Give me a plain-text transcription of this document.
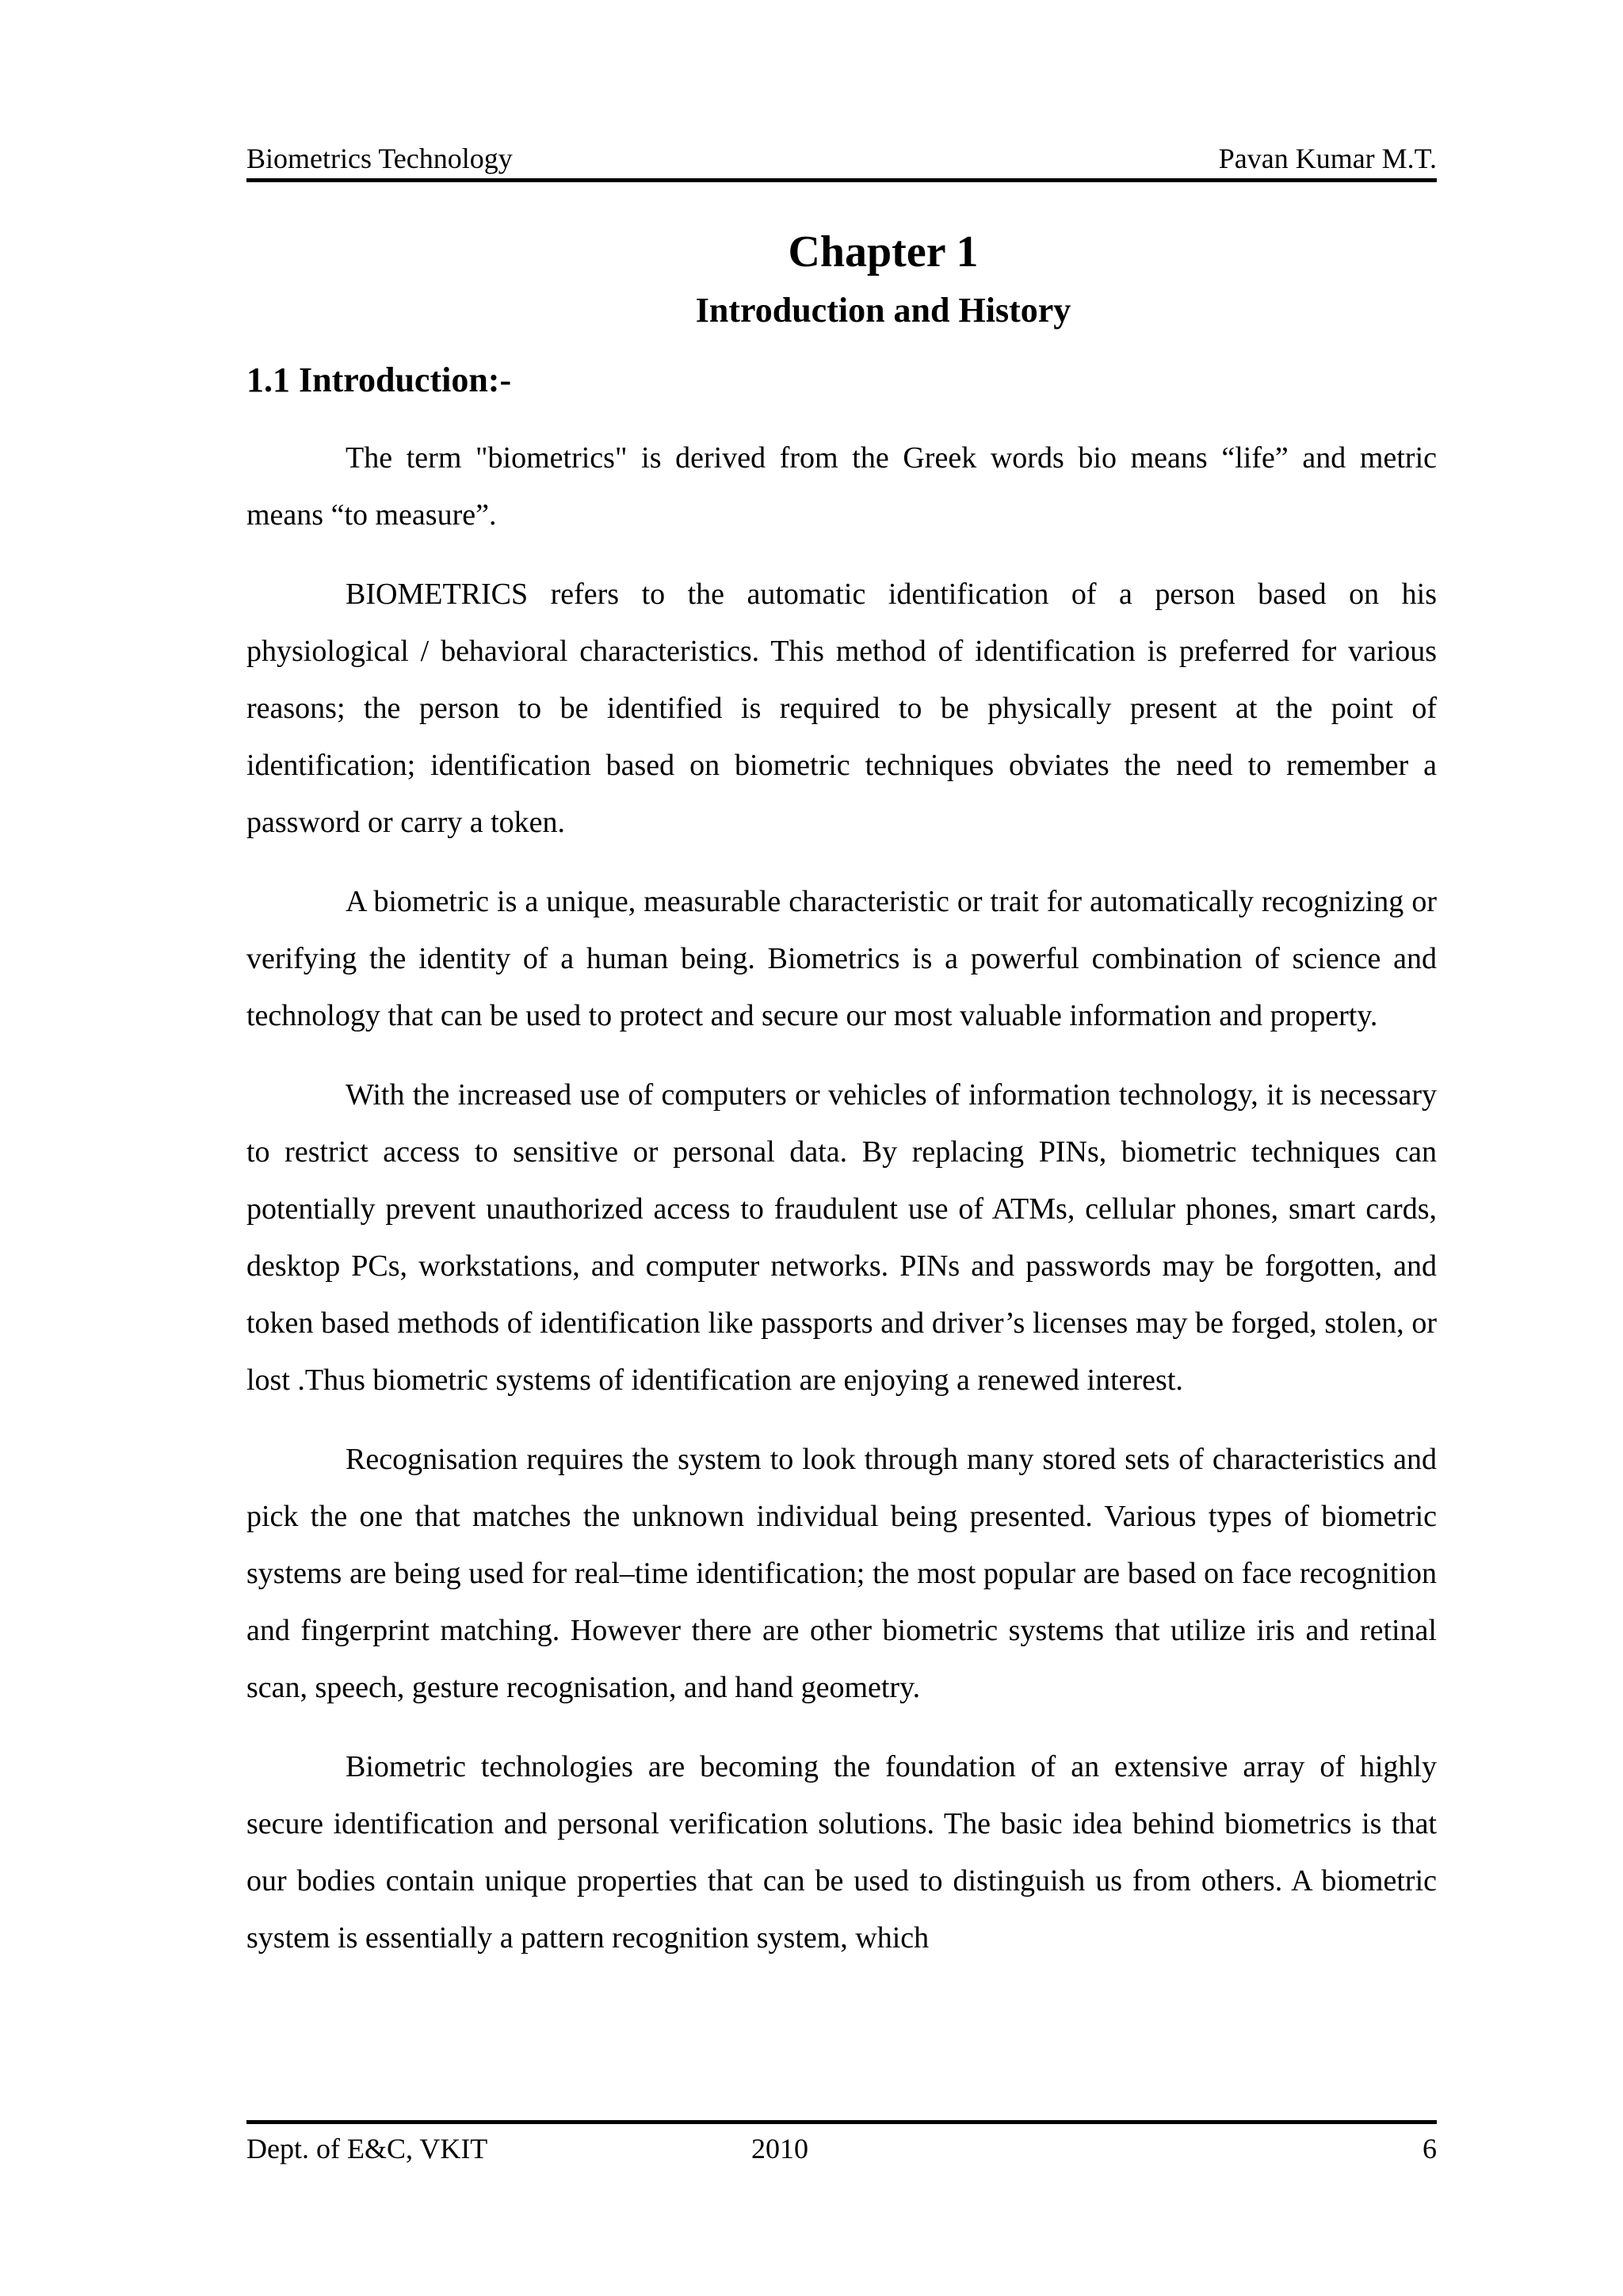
Biometrics Technology	Pavan Kumar M.T.
Chapter 1
Introduction and History
1.1 Introduction:-

The term "biometrics" is derived from the Greek words bio means “life” and metric means “to measure”.

BIOMETRICS refers to the automatic identification of a person based on his physiological / behavioral characteristics. This method of identification is preferred for various reasons; the person to be identified is required to be physically present at the point of identification; identification based on biometric techniques obviates the need to remember a password or carry a token.

A biometric is a unique, measurable characteristic or trait for automatically recognizing or verifying the identity of a human being. Biometrics is a powerful combination of science and technology that can be used to protect and secure our most valuable information and property.

With the increased use of computers or vehicles of information technology, it is necessary to restrict access to sensitive or personal data. By replacing PINs, biometric techniques can potentially prevent unauthorized access to fraudulent use of ATMs, cellular phones, smart cards, desktop PCs, workstations, and computer networks. PINs and passwords may be forgotten, and token based methods of identification like passports and driver’s licenses may be forged, stolen, or lost .Thus biometric systems of identification are enjoying a renewed interest.

Recognisation requires the system to look through many stored sets of characteristics and pick the one that matches the unknown individual being presented. Various types of biometric systems are being used for real–time identification; the most popular are based on face recognition and fingerprint matching. However there are other biometric systems that utilize iris and retinal scan, speech, gesture recognisation, and hand geometry.

Biometric technologies are becoming the foundation of an extensive array of highly secure identification and personal verification solutions. The basic idea behind biometrics is that our bodies contain unique properties that can be used to distinguish us from others. A biometric system is essentially a pattern recognition system, which

Dept. of E&C, VKIT	2010	6
